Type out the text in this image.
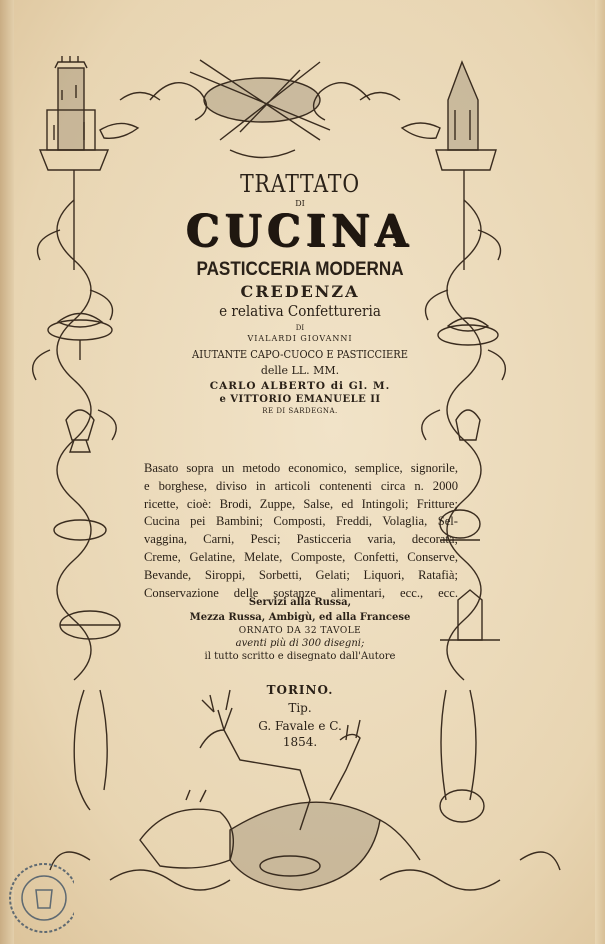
TRATTATO
DI
CUCINA
PASTICCERIA MODERNA
CREDENZA
e relativa Confettureria
DI
VIALARDI GIOVANNI
AIUTANTE CAPO-CUOCO E PASTICCIERE
delle LL. MM.
CARLO ALBERTO di Gl. M.
e VITTORIO EMANUELE II
RE DI SARDEGNA.
Basato sopra un metodo economico, semplice, signorile,
e borghese, diviso in articoli contenenti circa n. 2000
ricette, cioè: Brodi, Zuppe, Salse, ed Intingoli; Fritture;
Cucina pei Bambini; Composti, Freddi, Volaglia, Sel-
vaggina, Carni, Pesci; Pasticceria varia, decorata;
Creme, Gelatine, Melate, Composte, Confetti, Conserve,
Bevande, Siroppi, Sorbetti, Gelati; Liquori, Ratafià;
Conservazione delle sostanze alimentari, ecc., ecc.
Servizi alla Russa,
Mezza Russa, Ambigù, ed alla Francese
ORNATO DA 32 TAVOLE
aventi più di 300 disegni;
il tutto scritto e disegnato dall'Autore
TORINO.
Tip.
G. Favale e C.
1854.
